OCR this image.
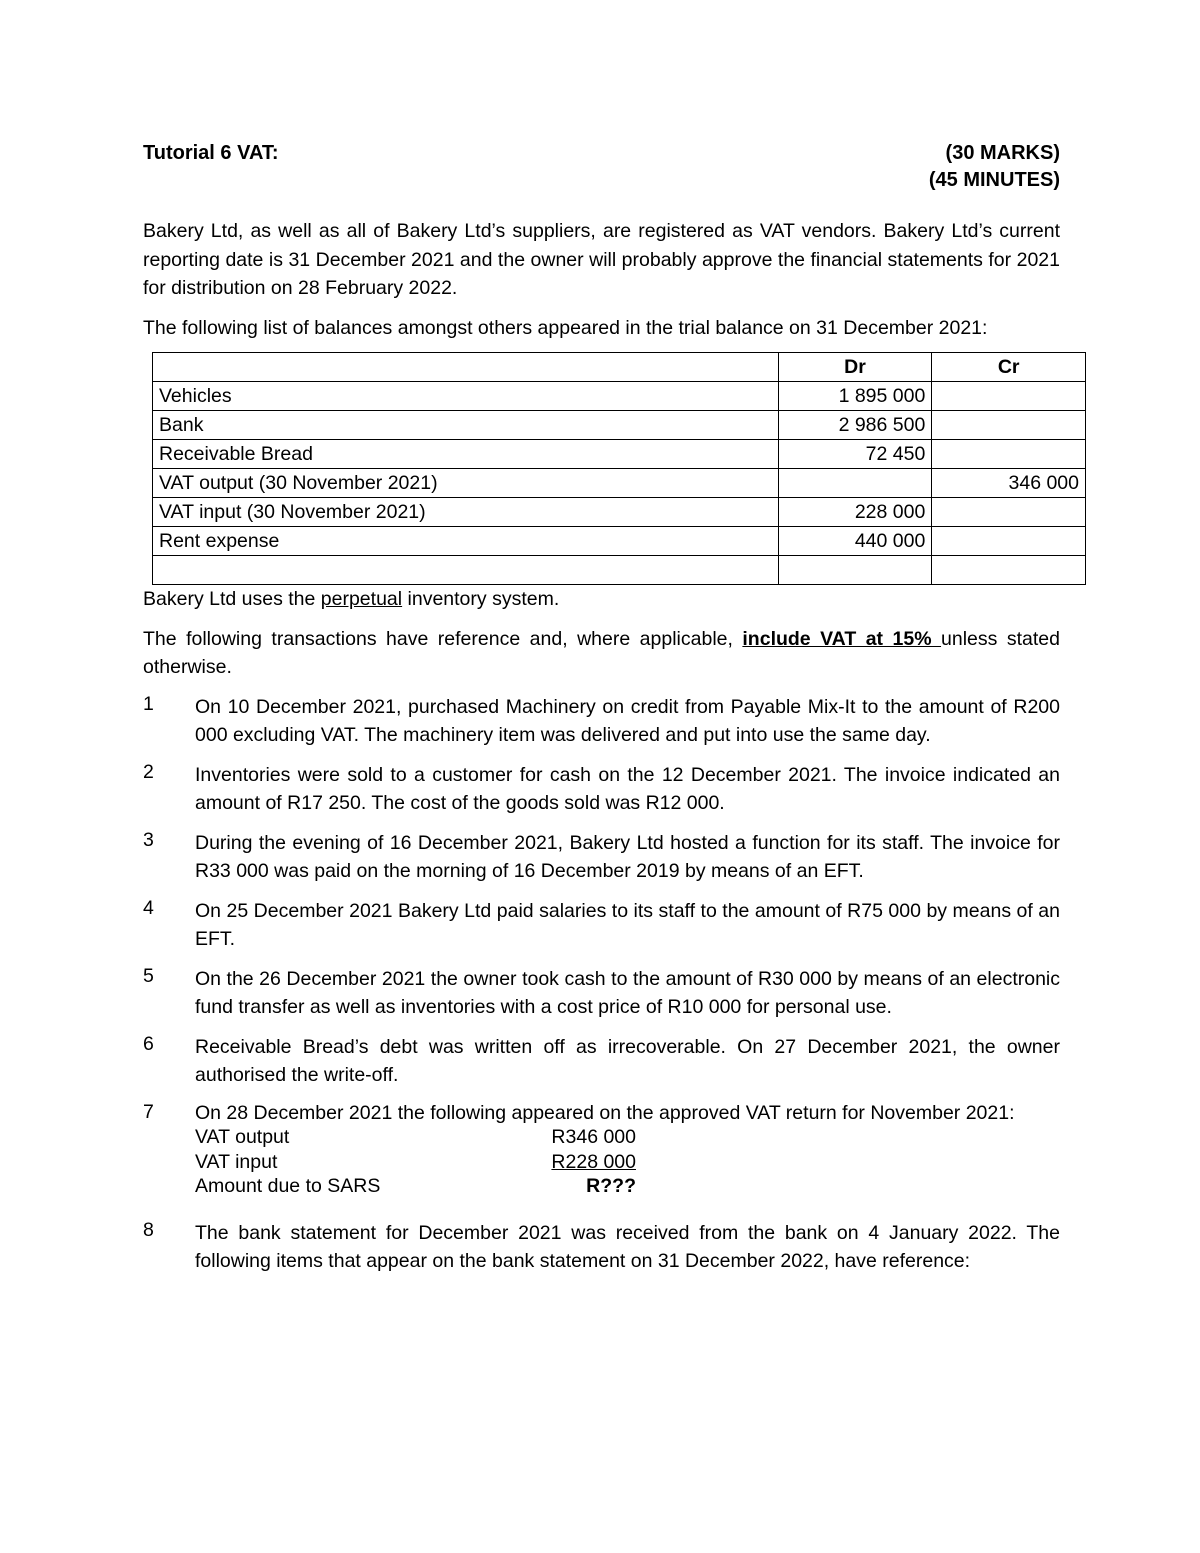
Tutorial 6 VAT:	(30 MARKS)
(45 MINUTES)

Bakery Ltd, as well as all of Bakery Ltd’s suppliers, are registered as VAT vendors. Bakery Ltd’s current reporting date is 31 December 2021 and the owner will probably approve the financial statements for 2021 for distribution on 28 February 2022.

The following list of balances amongst others appeared in the trial balance on 31 December 2021:

	Dr	Cr
Vehicles	1 895 000	
Bank	2 986 500	
Receivable Bread	72 450	
VAT output (30 November 2021)		346 000
VAT input (30 November 2021)	228 000	
Rent expense	440 000	

Bakery Ltd uses the perpetual inventory system.

The following transactions have reference and, where applicable, include VAT at 15% unless stated otherwise.

1	On 10 December 2021, purchased Machinery on credit from Payable Mix-It to the amount of R200 000 excluding VAT. The machinery item was delivered and put into use the same day.
2	Inventories were sold to a customer for cash on the 12 December 2021. The invoice indicated an amount of R17 250. The cost of the goods sold was R12 000.
3	During the evening of 16 December 2021, Bakery Ltd hosted a function for its staff. The invoice for R33 000 was paid on the morning of 16 December 2019 by means of an EFT.
4	On 25 December 2021 Bakery Ltd paid salaries to its staff to the amount of R75 000 by means of an EFT.
5	On the 26 December 2021 the owner took cash to the amount of R30 000 by means of an electronic fund transfer as well as inventories with a cost price of R10 000 for personal use.
6	Receivable Bread’s debt was written off as irrecoverable. On 27 December 2021, the owner authorised the write-off.
7	On 28 December 2021 the following appeared on the approved VAT return for November 2021:
VAT output	R346 000
VAT input	R228 000
Amount due to SARS	R???
8	The bank statement for December 2021 was received from the bank on 4 January 2022. The following items that appear on the bank statement on 31 December 2022, have reference:
